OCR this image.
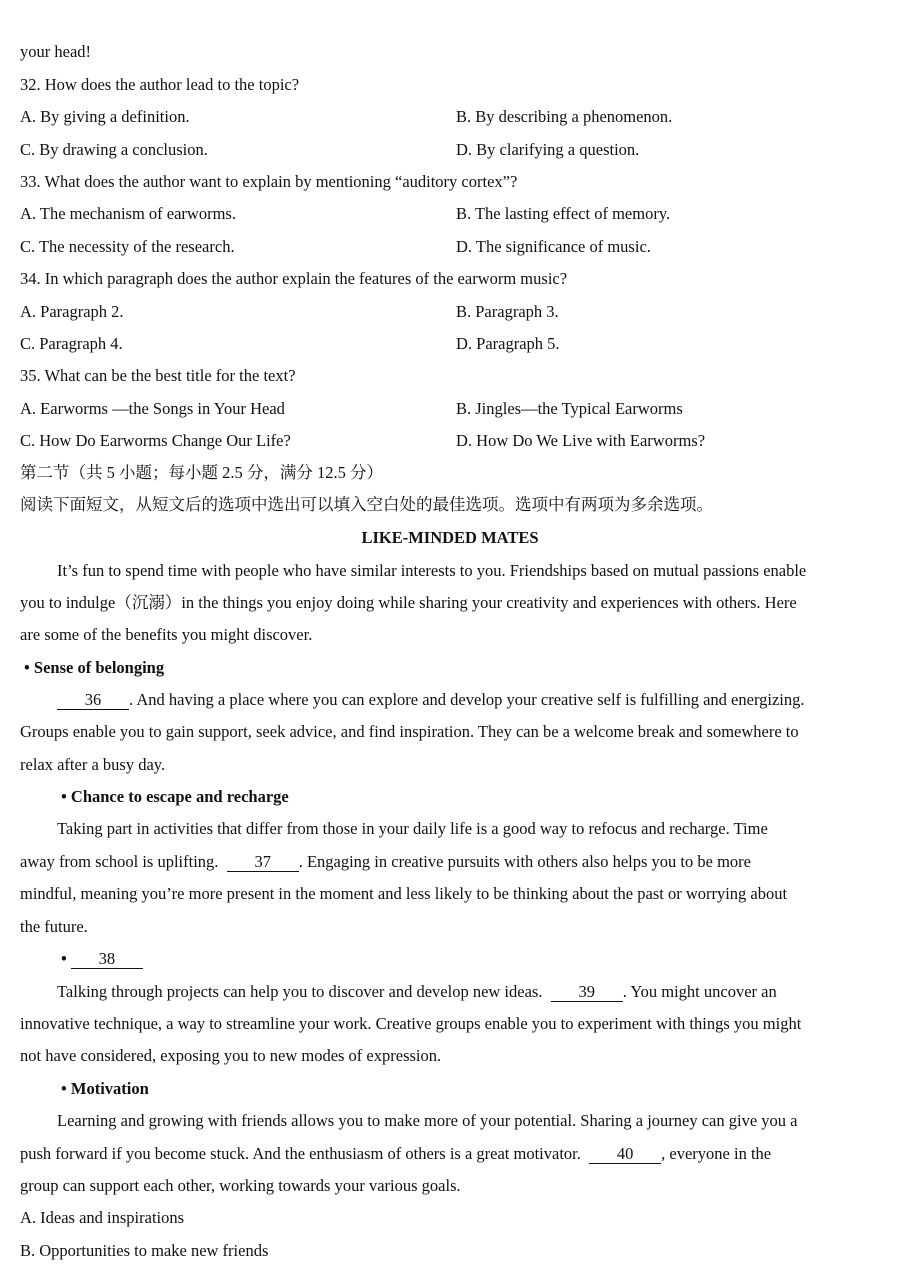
your head!
32. How does the author lead to the topic?
A. By giving a definition.	B. By describing a phenomenon.
C. By drawing a conclusion.	D. By clarifying a question.
33. What does the author want to explain by mentioning “auditory cortex”?
A. The mechanism of earworms.	B. The lasting effect of memory.
C. The necessity of the research.	D. The significance of music.
34. In which paragraph does the author explain the features of the earworm music?
A. Paragraph 2.	B. Paragraph 3.
C. Paragraph 4.	D. Paragraph 5.
35. What can be the best title for the text?
A. Earworms —the Songs in Your Head	B. Jingles—the Typical Earworms
C. How Do Earworms Change Our Life?	D. How Do We Live with Earworms?
第二节（共 5 小题；每小题 2.5 分，满分 12.5 分）
阅读下面短文，从短文后的选项中选出可以填入空白处的最佳选项。选项中有两项为多余选项。
LIKE-MINDED MATES
It’s fun to spend time with people who have similar interests to you. Friendships based on mutual passions enable
you to indulge（沉溺）in the things you enjoy doing while sharing your creativity and experiences with others. Here
are some of the benefits you might discover.
• Sense of belonging
36 . And having a place where you can explore and develop your creative self is fulfilling and energizing.
Groups enable you to gain support, seek advice, and find inspiration. They can be a welcome break and somewhere to
relax after a busy day.
• Chance to escape and recharge
Taking part in activities that differ from those in your daily life is a good way to refocus and recharge. Time
away from school is uplifting. 37 . Engaging in creative pursuits with others also helps you to be more
mindful, meaning you’re more present in the moment and less likely to be thinking about the past or worrying about
the future.
• 38
Talking through projects can help you to discover and develop new ideas. 39 . You might uncover an
innovative technique, a way to streamline your work. Creative groups enable you to experiment with things you might
not have considered, exposing you to new modes of expression.
• Motivation
Learning and growing with friends allows you to make more of your potential. Sharing a journey can give you a
push forward if you become stuck. And the enthusiasm of others is a great motivator. 40 , everyone in the
group can support each other, working towards your various goals.
A. Ideas and inspirations
B. Opportunities to make new friends
